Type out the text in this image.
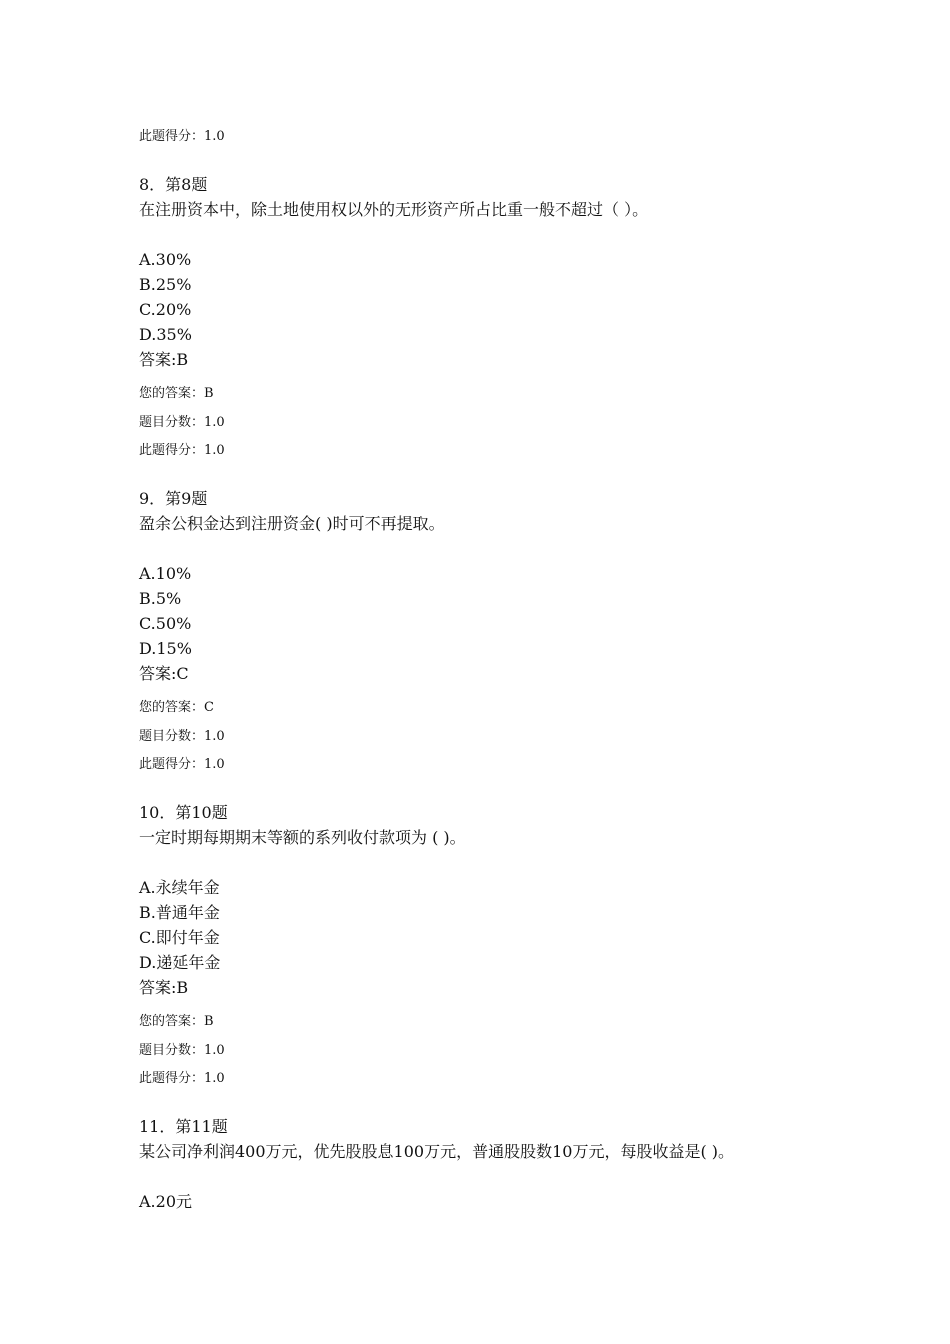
此题得分：1.0
8．第8题
在注册资本中，除土地使用权以外的无形资产所占比重一般不超过（ ）。
A.30%
B.25%
C.20%
D.35%
答案:B
您的答案：B
题目分数：1.0
此题得分：1.0
9．第9题
盈余公积金达到注册资金( )时可不再提取。
A.10%
B.5%
C.50%
D.15%
答案:C
您的答案：C
题目分数：1.0
此题得分：1.0
10．第10题
一定时期每期期末等额的系列收付款项为 ( )。
A.永续年金
B.普通年金
C.即付年金
D.递延年金
答案:B
您的答案：B
题目分数：1.0
此题得分：1.0
11．第11题
某公司净利润400万元，优先股股息100万元，普通股股数10万元，每股收益是( )。
A.20元
